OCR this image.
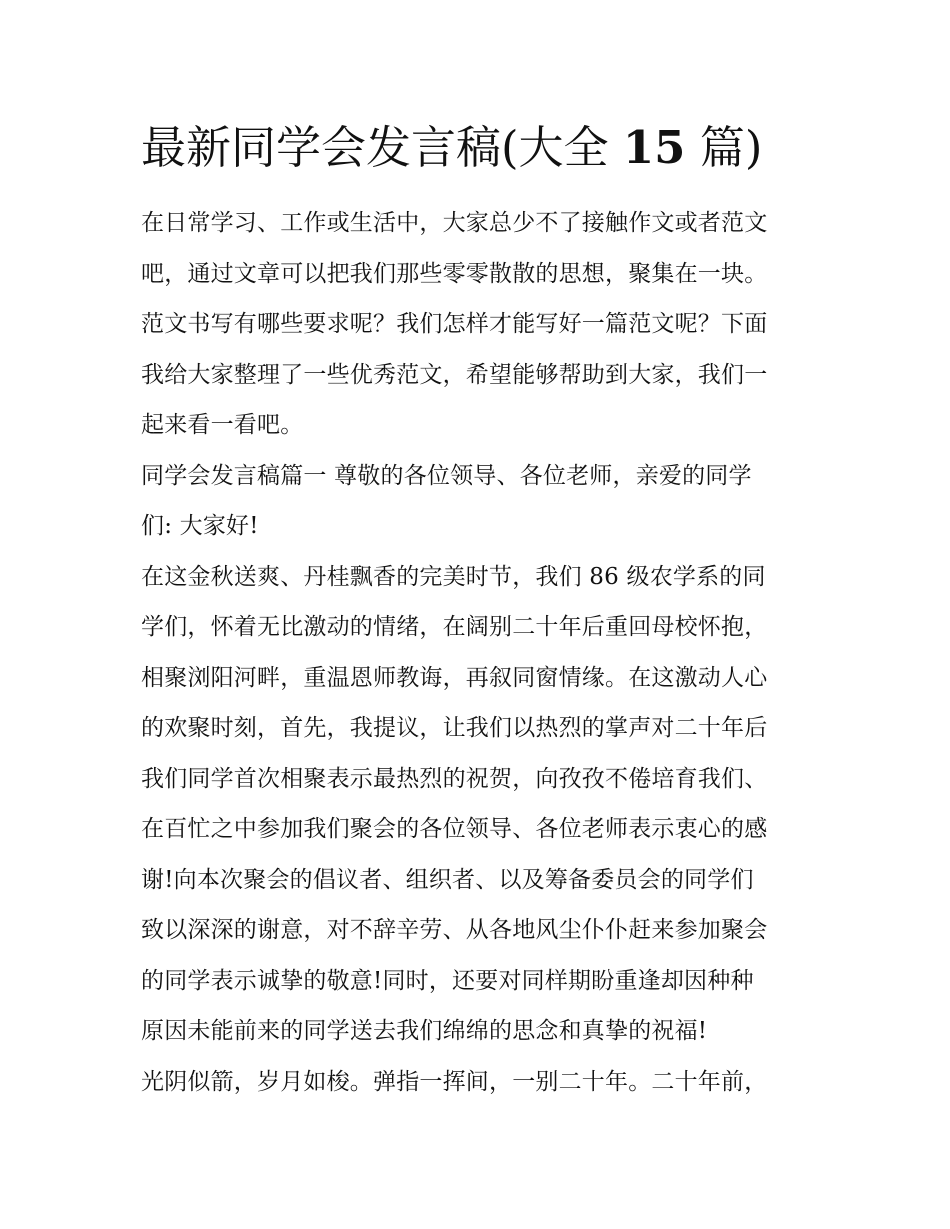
最新同学会发言稿(大全 15 篇)

在日常学习、工作或生活中，大家总少不了接触作文或者范文
吧，通过文章可以把我们那些零零散散的思想，聚集在一块。
范文书写有哪些要求呢？我们怎样才能写好一篇范文呢？下面
我给大家整理了一些优秀范文，希望能够帮助到大家，我们一
起来看一看吧。

同学会发言稿篇一 尊敬的各位领导、各位老师，亲爱的同学
们: 大家好!

在这金秋送爽、丹桂飘香的完美时节，我们 86 级农学系的同
学们，怀着无比激动的情绪，在阔别二十年后重回母校怀抱，
相聚浏阳河畔，重温恩师教诲，再叙同窗情缘。在这激动人心
的欢聚时刻，首先，我提议，让我们以热烈的掌声对二十年后
我们同学首次相聚表示最热烈的祝贺，向孜孜不倦培育我们、
在百忙之中参加我们聚会的各位领导、各位老师表示衷心的感
谢!向本次聚会的倡议者、组织者、以及筹备委员会的同学们
致以深深的谢意，对不辞辛劳、从各地风尘仆仆赶来参加聚会
的同学表示诚挚的敬意!同时，还要对同样期盼重逢却因种种
原因未能前来的同学送去我们绵绵的思念和真挚的祝福!

光阴似箭，岁月如梭。弹指一挥间，一别二十年。二十年前，
